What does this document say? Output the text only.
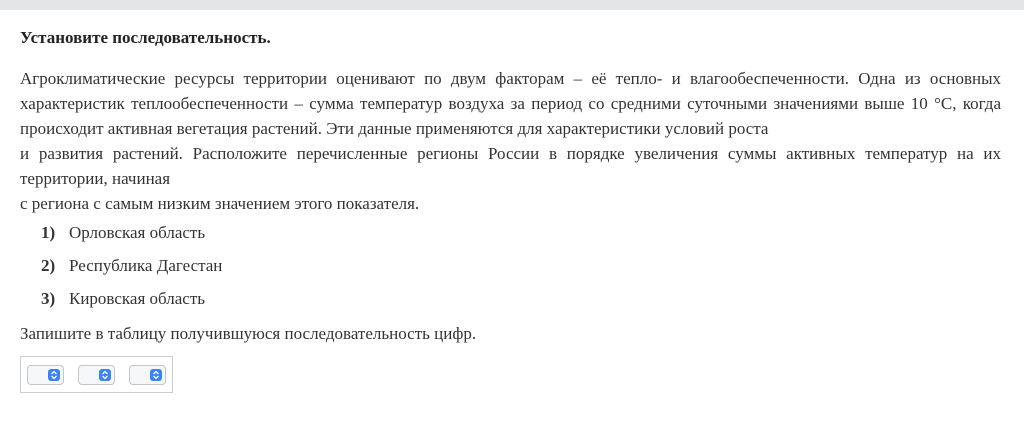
Установите последовательность.

Агроклиматические ресурсы территории оценивают по двум факторам – её тепло- и влагообеспеченности. Одна из основных характеристик теплообеспеченности – сумма температур воздуха за период со средними суточными значениями выше 10 °С, когда происходит активная вегетация растений. Эти данные применяются для характеристики условий роста

и развития растений. Расположите перечисленные регионы России в порядке увеличения суммы активных температур на их территории, начиная

с региона с самым низким значением этого показателя.

1) Орловская область
2) Республика Дагестан
3) Кировская область

Запишите в таблицу получившуюся последовательность цифр.
